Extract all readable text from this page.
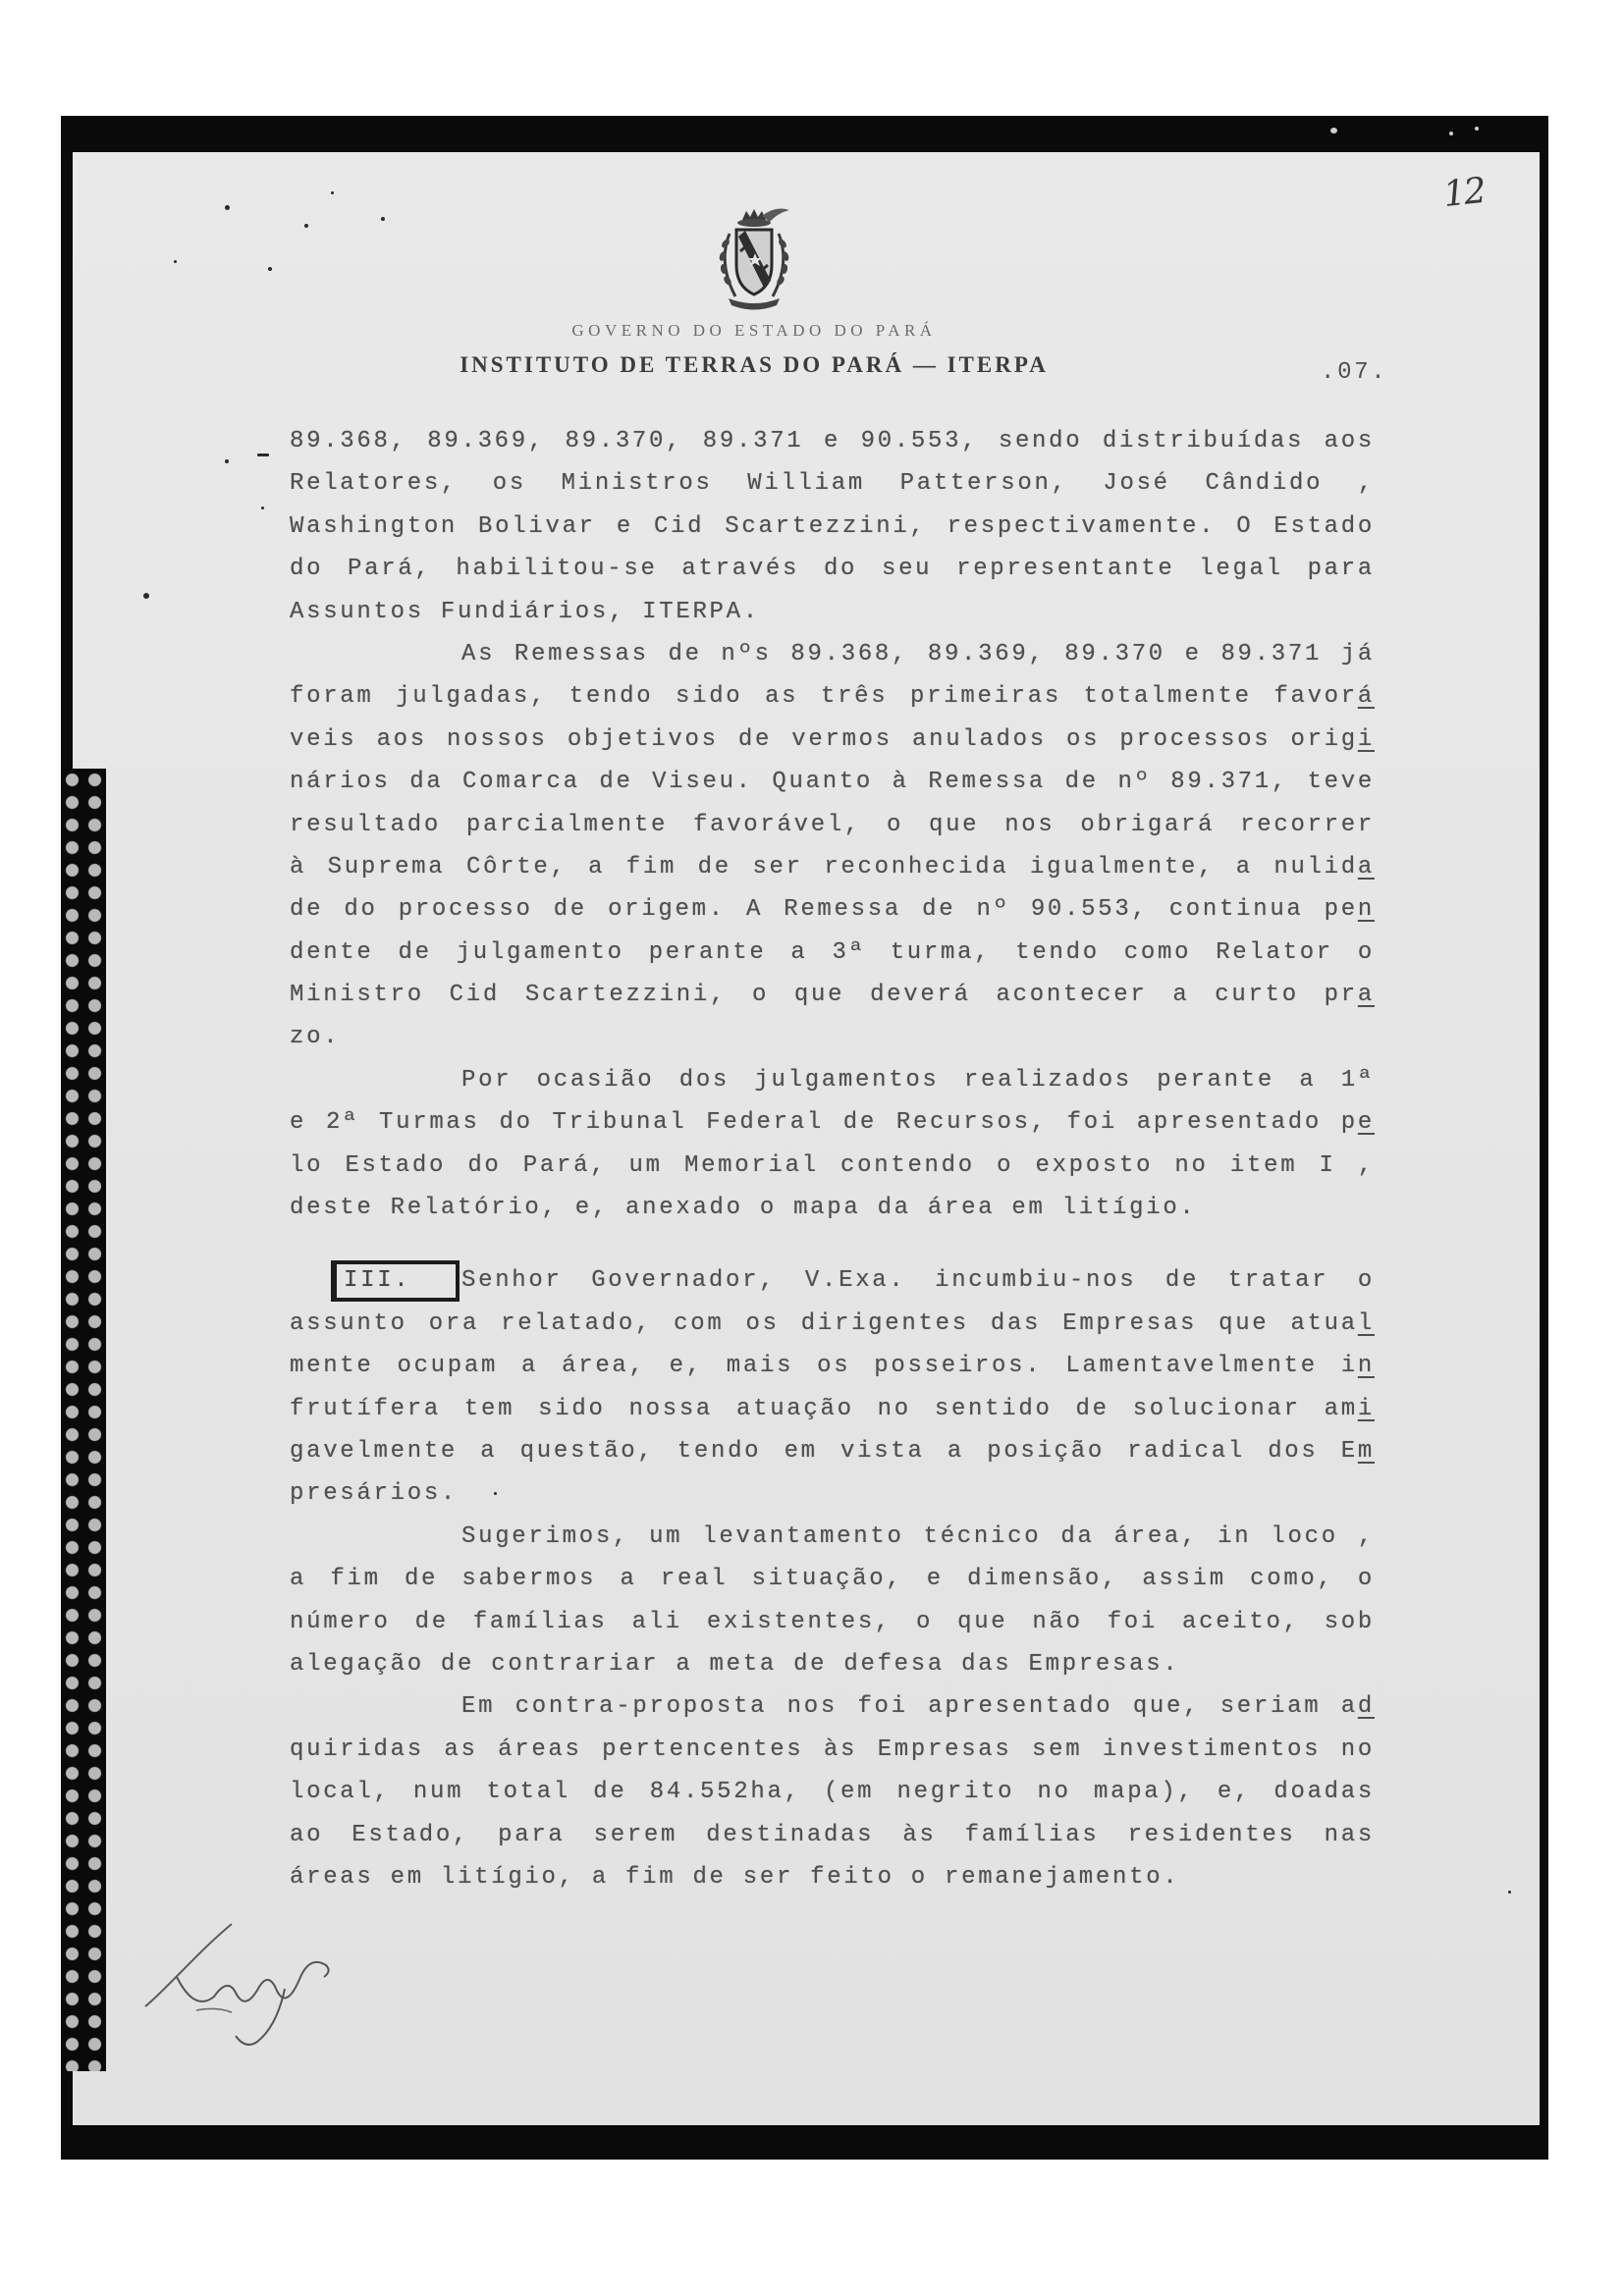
12
GOVERNO DO ESTADO DO PARÁ
INSTITUTO DE TERRAS DO PARÁ — ITERPA	.07.
89.368, 89.369, 89.370, 89.371 e 90.553, sendo distribuídas aos
Relatores, os Ministros William Patterson, José Cândido ,
Washington Bolivar e Cid Scartezzini, respectivamente. O Estado
do Pará, habilitou-se através do seu representante legal para
Assuntos Fundiários, ITERPA.
As Remessas de nºs 89.368, 89.369, 89.370 e 89.371 já
foram julgadas, tendo sido as três primeiras totalmente favorá
veis aos nossos objetivos de vermos anulados os processos origi
nários da Comarca de Viseu. Quanto à Remessa de nº 89.371, teve
resultado parcialmente favorável, o que nos obrigará recorrer
à Suprema Côrte, a fim de ser reconhecida igualmente, a nulida
de do processo de origem. A Remessa de nº 90.553, continua pen
dente de julgamento perante a 3ª turma, tendo como Relator o
Ministro Cid Scartezzini, o que deverá acontecer a curto pra
zo.
Por ocasião dos julgamentos realizados perante a 1ª
e 2ª Turmas do Tribunal Federal de Recursos, foi apresentado pe
lo Estado do Pará, um Memorial contendo o exposto no item I ,
deste Relatório, e, anexado o mapa da área em litígio.
III.	Senhor Governador, V.Exa. incumbiu-nos de tratar o
assunto ora relatado, com os dirigentes das Empresas que atual
mente ocupam a área, e, mais os posseiros. Lamentavelmente in
frutífera tem sido nossa atuação no sentido de solucionar ami
gavelmente a questão, tendo em vista a posição radical dos Em
presários.
Sugerimos, um levantamento técnico da área, in loco ,
a fim de sabermos a real situação, e dimensão, assim como, o
número de famílias ali existentes, o que não foi aceito, sob
alegação de contrariar a meta de defesa das Empresas.
Em contra-proposta nos foi apresentado que, seriam ad
quiridas as áreas pertencentes às Empresas sem investimentos no
local, num total de 84.552ha, (em negrito no mapa), e, doadas
ao Estado, para serem destinadas às famílias residentes nas
áreas em litígio, a fim de ser feito o remanejamento.
